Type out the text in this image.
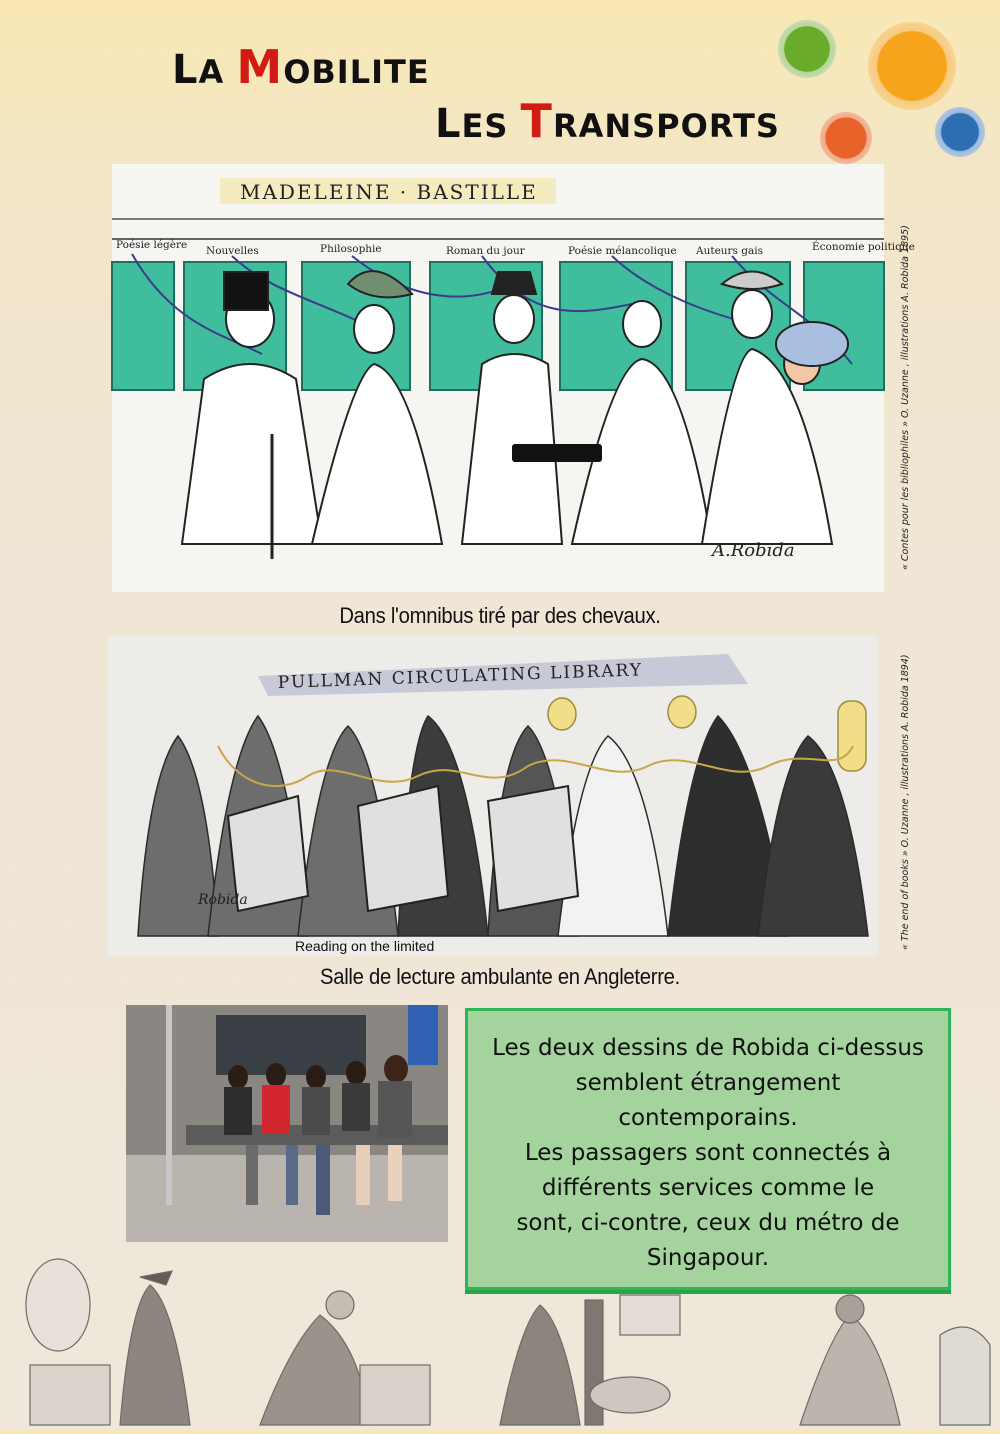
LA MOBILITE
LES TRANSPORTS
MADELEINE · BASTILLE
Poésie légère Nouvelles	Philosophie	Roman du jour	Poésie mélancolique Auteurs gais	Économie politique
A.Robida
Dans l'omnibus tiré par des chevaux.
« Contes pour les bibliophiles » O. Uzanne , illustrations A. Robida 1895)
PULLMAN CIRCULATING LIBRARY
Robida
Reading on the limited
Salle de lecture ambulante en Angleterre.
« The end of books » O. Uzanne , illustrations A. Robida 1894)
Les deux dessins de Robida ci-dessus
semblent étrangement
contemporains.
Les passagers sont connectés à
différents services comme le
sont, ci-contre, ceux du métro de
Singapour.
